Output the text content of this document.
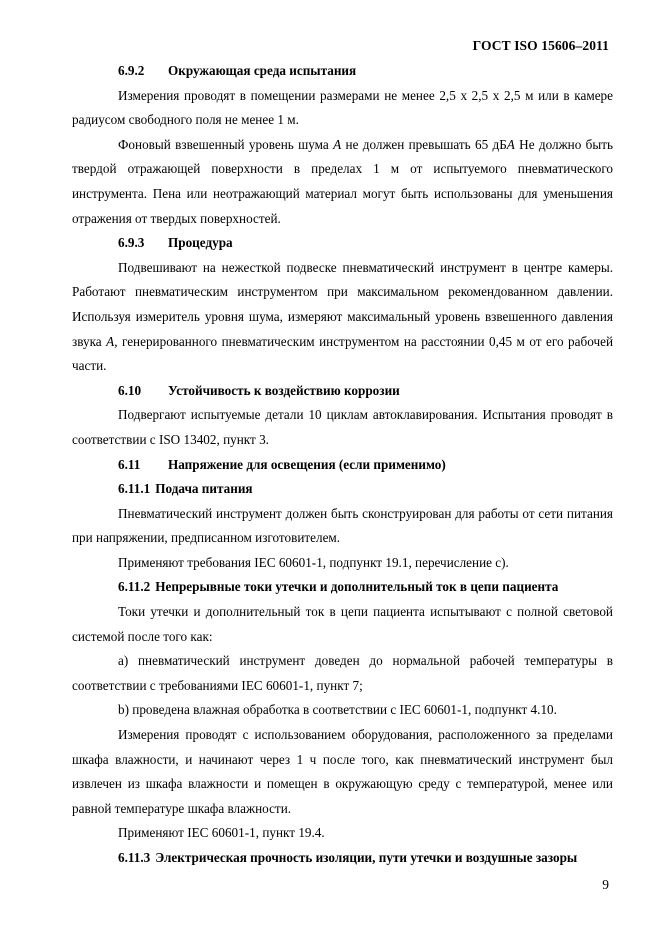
ГОСТ ISO 15606–2011

6.9.2 Окружающая среда испытания

Измерения проводят в помещении размерами не менее 2,5 х 2,5 х 2,5 м или в камере радиусом свободного поля не менее 1 м.

Фоновый взвешенный уровень шума А не должен превышать 65 дБА Не должно быть твердой отражающей поверхности в пределах 1 м от испытуемого пневматического инструмента. Пена или неотражающий материал могут быть использованы для уменьшения отражения от твердых поверхностей.

6.9.3 Процедура

Подвешивают на нежесткой подвеске пневматический инструмент в центре камеры. Работают пневматическим инструментом при максимальном рекомендованном давлении. Используя измеритель уровня шума, измеряют максимальный уровень взвешенного давления звука А, генерированного пневматическим инструментом на расстоянии 0,45 м от его рабочей части.

6.10 Устойчивость к воздействию коррозии

Подвергают испытуемые детали 10 циклам автоклавирования. Испытания проводят в соответствии с ISO 13402, пункт 3.

6.11 Напряжение для освещения (если применимо)

6.11.1 Подача питания

Пневматический инструмент должен быть сконструирован для работы от сети питания при напряжении, предписанном изготовителем.

Применяют требования IEC 60601-1, подпункт 19.1, перечисление с).

6.11.2 Непрерывные токи утечки и дополнительный ток в цепи пациента

Токи утечки и дополнительный ток в цепи пациента испытывают с полной световой системой после того как:

а) пневматический инструмент доведен до нормальной рабочей температуры в соответствии с требованиями IEC 60601-1, пункт 7;

b) проведена влажная обработка в соответствии с IEC 60601-1, подпункт 4.10.

Измерения проводят с использованием оборудования, расположенного за пределами шкафа влажности, и начинают через 1 ч после того, как пневматический инструмент был извлечен из шкафа влажности и помещен в окружающую среду с температурой, менее или равной температуре шкафа влажности.

Применяют IEC 60601-1, пункт 19.4.

6.11.3 Электрическая прочность изоляции, пути утечки и воздушные зазоры

9
